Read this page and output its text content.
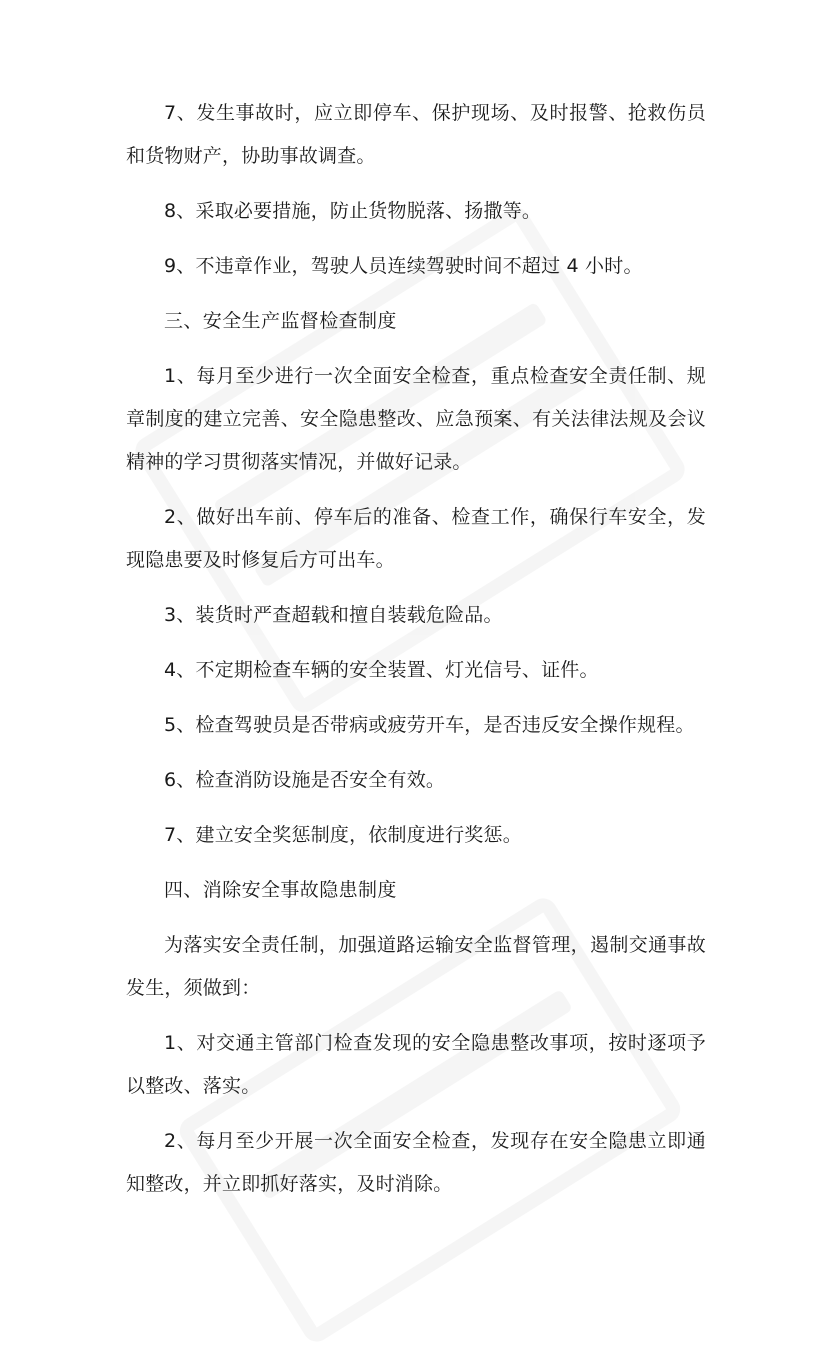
7、发生事故时，应立即停车、保护现场、及时报警、抢救伤员和货物财产，协助事故调查。

8、采取必要措施，防止货物脱落、扬撒等。

9、不违章作业，驾驶人员连续驾驶时间不超过 4 小时。

三、安全生产监督检查制度

1、每月至少进行一次全面安全检查，重点检查安全责任制、规章制度的建立完善、安全隐患整改、应急预案、有关法律法规及会议精神的学习贯彻落实情况，并做好记录。

2、做好出车前、停车后的准备、检查工作，确保行车安全，发现隐患要及时修复后方可出车。

3、装货时严查超载和擅自装载危险品。

4、不定期检查车辆的安全装置、灯光信号、证件。

5、检查驾驶员是否带病或疲劳开车，是否违反安全操作规程。

6、检查消防设施是否安全有效。

7、建立安全奖惩制度，依制度进行奖惩。

四、消除安全事故隐患制度

为落实安全责任制，加强道路运输安全监督管理，遏制交通事故发生，须做到：

1、对交通主管部门检查发现的安全隐患整改事项，按时逐项予以整改、落实。

2、每月至少开展一次全面安全检查，发现存在安全隐患立即通知整改，并立即抓好落实，及时消除。
